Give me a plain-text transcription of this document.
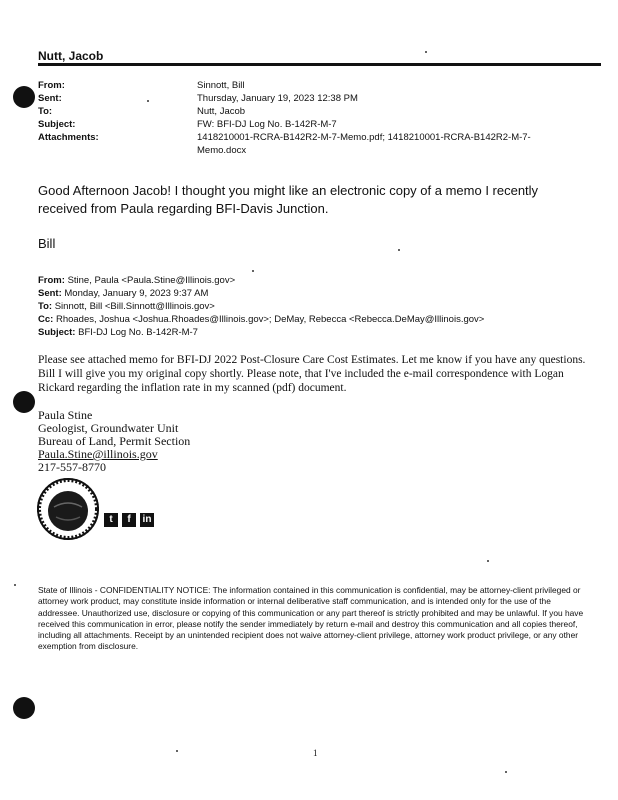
Nutt, Jacob
From:	Sinnott, Bill
Sent:	Thursday, January 19, 2023 12:38 PM
To:	Nutt, Jacob
Subject:	FW: BFI-DJ Log No. B-142R-M-7
Attachments:	1418210001-RCRA-B142R2-M-7-Memo.pdf; 1418210001-RCRA-B142R2-M-7-
Memo.docx
Good Afternoon Jacob! I thought you might like an electronic copy of a memo I recently received from Paula regarding BFI-Davis Junction.
Bill
From: Stine, Paula <Paula.Stine@Illinois.gov>
Sent: Monday, January 9, 2023 9:37 AM
To: Sinnott, Bill <Bill.Sinnott@Illinois.gov>
Cc: Rhoades, Joshua <Joshua.Rhoades@Illinois.gov>; DeMay, Rebecca <Rebecca.DeMay@Illinois.gov>
Subject: BFI-DJ Log No. B-142R-M-7
Please see attached memo for BFI-DJ 2022 Post-Closure Care Cost Estimates. Let me know if you have any questions. Bill I will give you my original copy shortly. Please note, that I've included the e-mail correspondence with Logan Rickard regarding the inflation rate in my scanned (pdf) document.
Paula Stine
Geologist, Groundwater Unit
Bureau of Land, Permit Section
Paula.Stine@illinois.gov
217-557-8770
t	f	in
State of Illinois - CONFIDENTIALITY NOTICE: The information contained in this communication is confidential, may be attorney-client privileged or attorney work product, may constitute inside information or internal deliberative staff communication, and is intended only for the use of the addressee. Unauthorized use, disclosure or copying of this communication or any part thereof is strictly prohibited and may be unlawful. If you have received this communication in error, please notify the sender immediately by return e-mail and destroy this communication and all copies thereof, including all attachments. Receipt by an unintended recipient does not waive attorney-client privilege, attorney work product privilege, or any other exemption from disclosure.
1
